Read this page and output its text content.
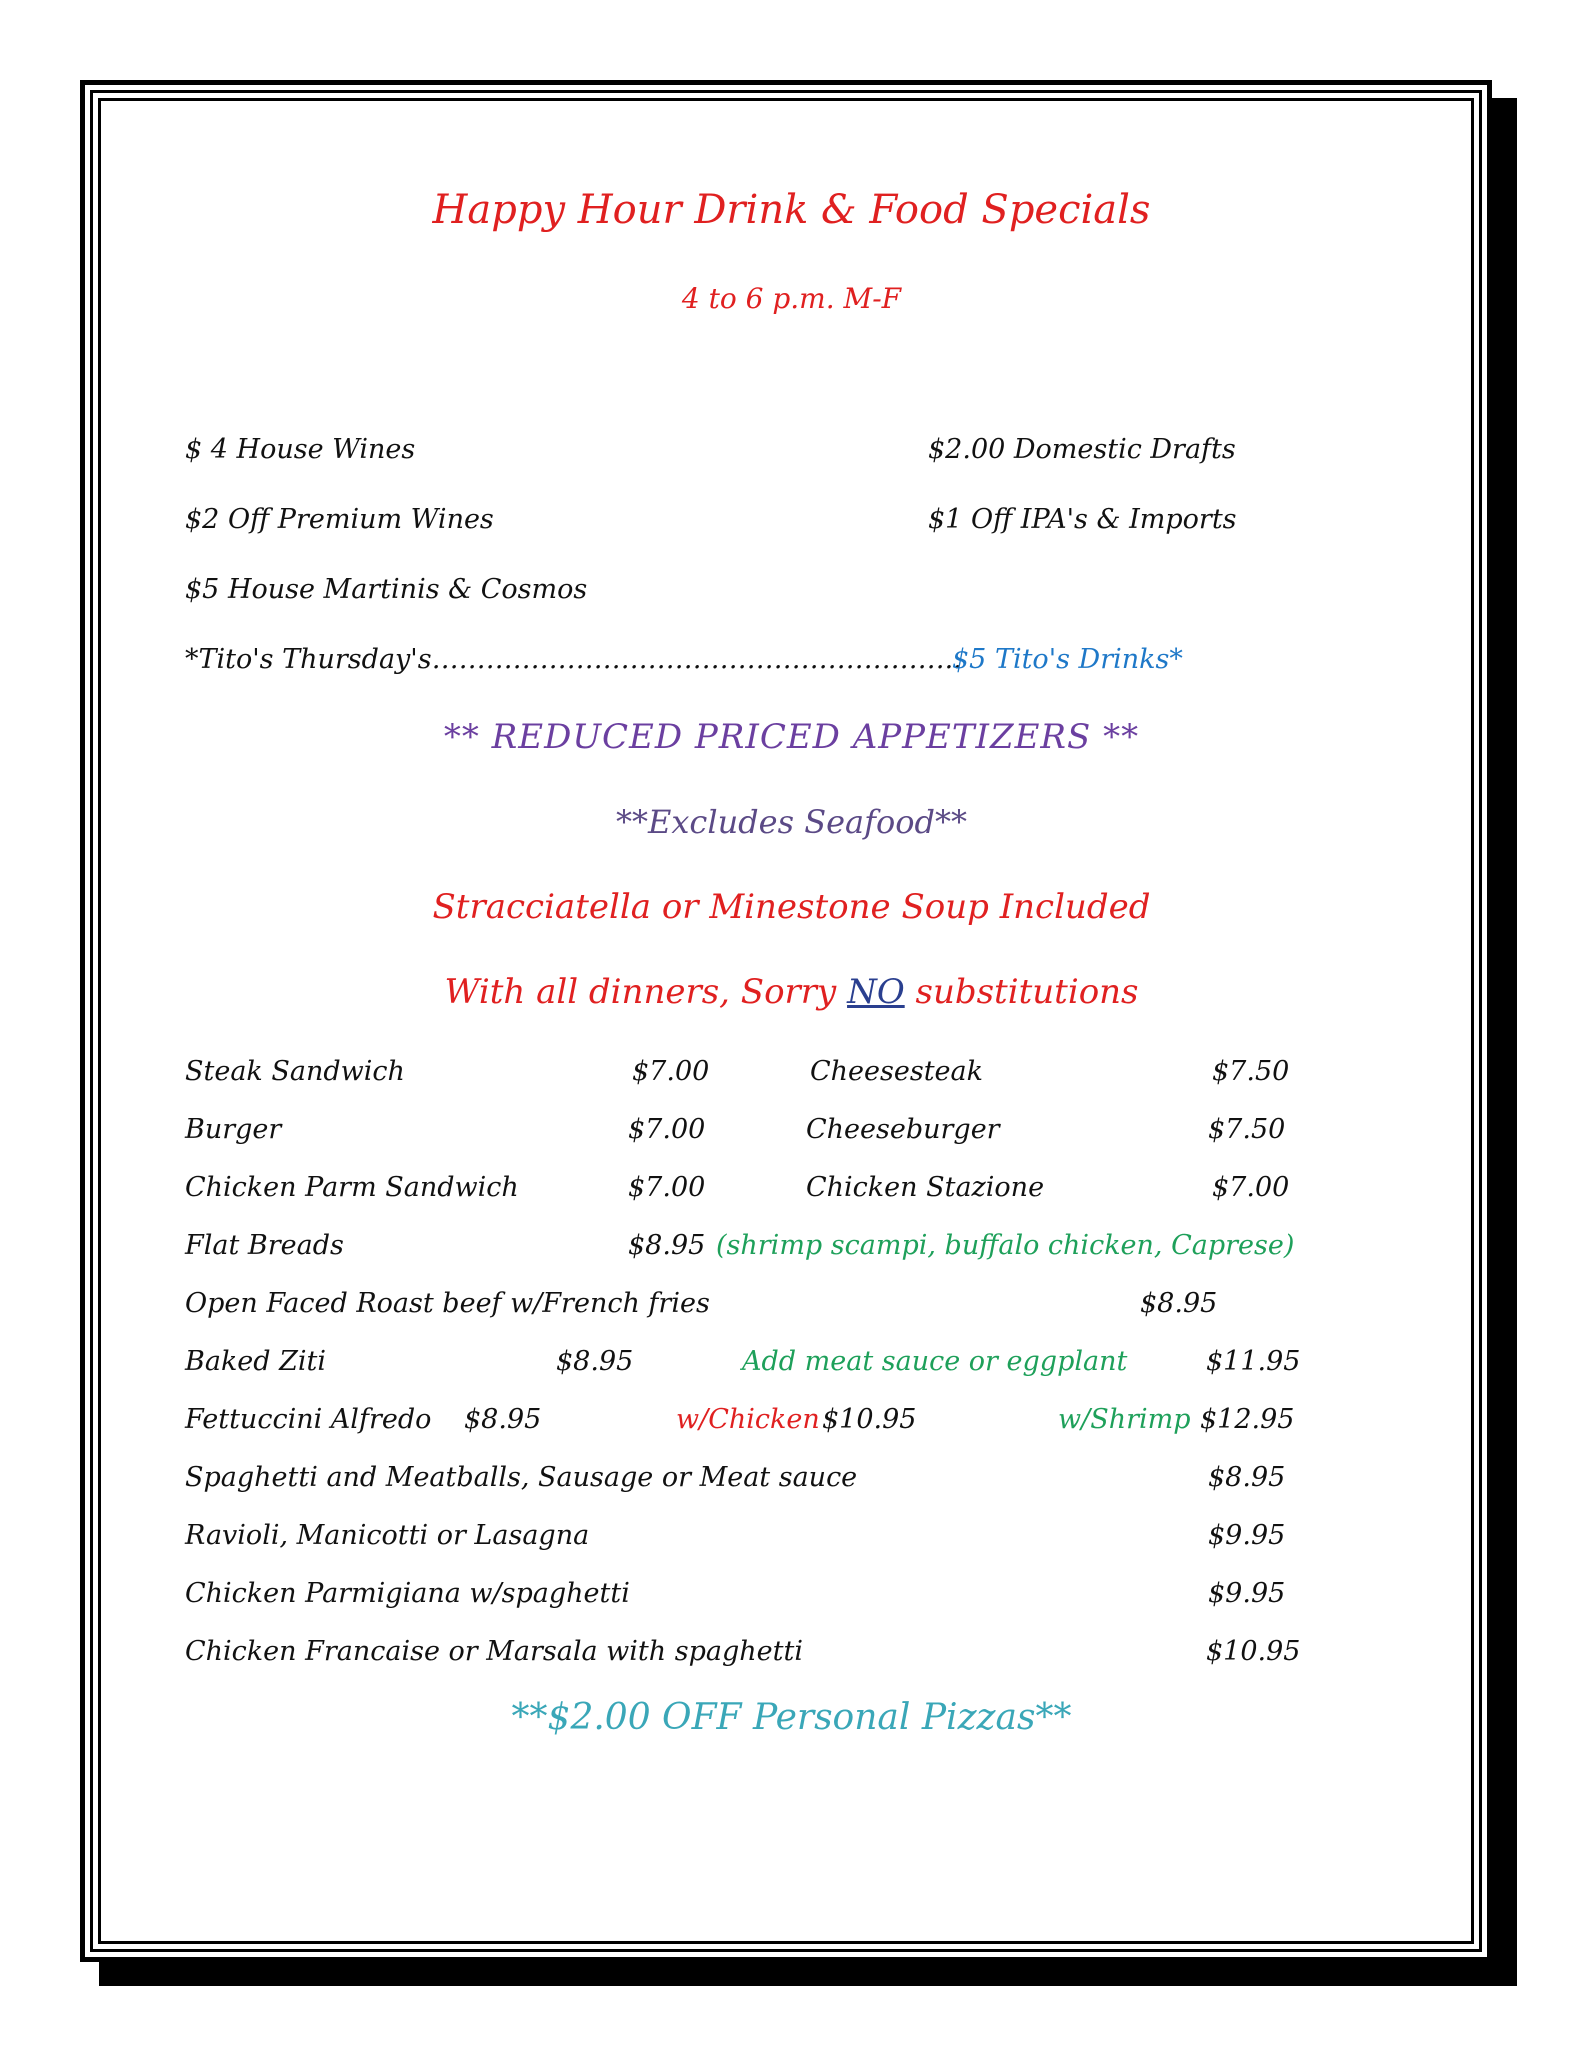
Happy Hour Drink & Food Specials
4 to 6 p.m. M-F
$ 4 House Wines
$2 Off Premium Wines
$5 House Martinis & Cosmos
$2.00 Domestic Drafts
$1 Off IPA's & Imports
*Tito's Thursday's…………………………………………………..
$5 Tito's Drinks*
** REDUCED PRICED APPETIZERS **
**Excludes Seafood**
Stracciatella or Minestone Soup Included
With all dinners, Sorry NO substitutions
Steak Sandwich	$7.00	Cheesesteak	$7.50
Burger	$7.00	Cheeseburger	$7.50
Chicken Parm Sandwich	$7.00	Chicken Stazione	$7.00
Flat Breads	$8.95 (shrimp scampi, buffalo chicken, Caprese)
Open Faced Roast beef w/French fries	$8.95
Baked Ziti	$8.95	Add meat sauce or eggplant	$11.95
Fettuccini Alfredo $8.95	w/Chicken $10.95	w/Shrimp $12.95
Spaghetti and Meatballs, Sausage or Meat sauce	$8.95
Ravioli, Manicotti or Lasagna	$9.95
Chicken Parmigiana w/spaghetti	$9.95
Chicken Francaise or Marsala with spaghetti	$10.95
**$2.00 OFF Personal Pizzas**
